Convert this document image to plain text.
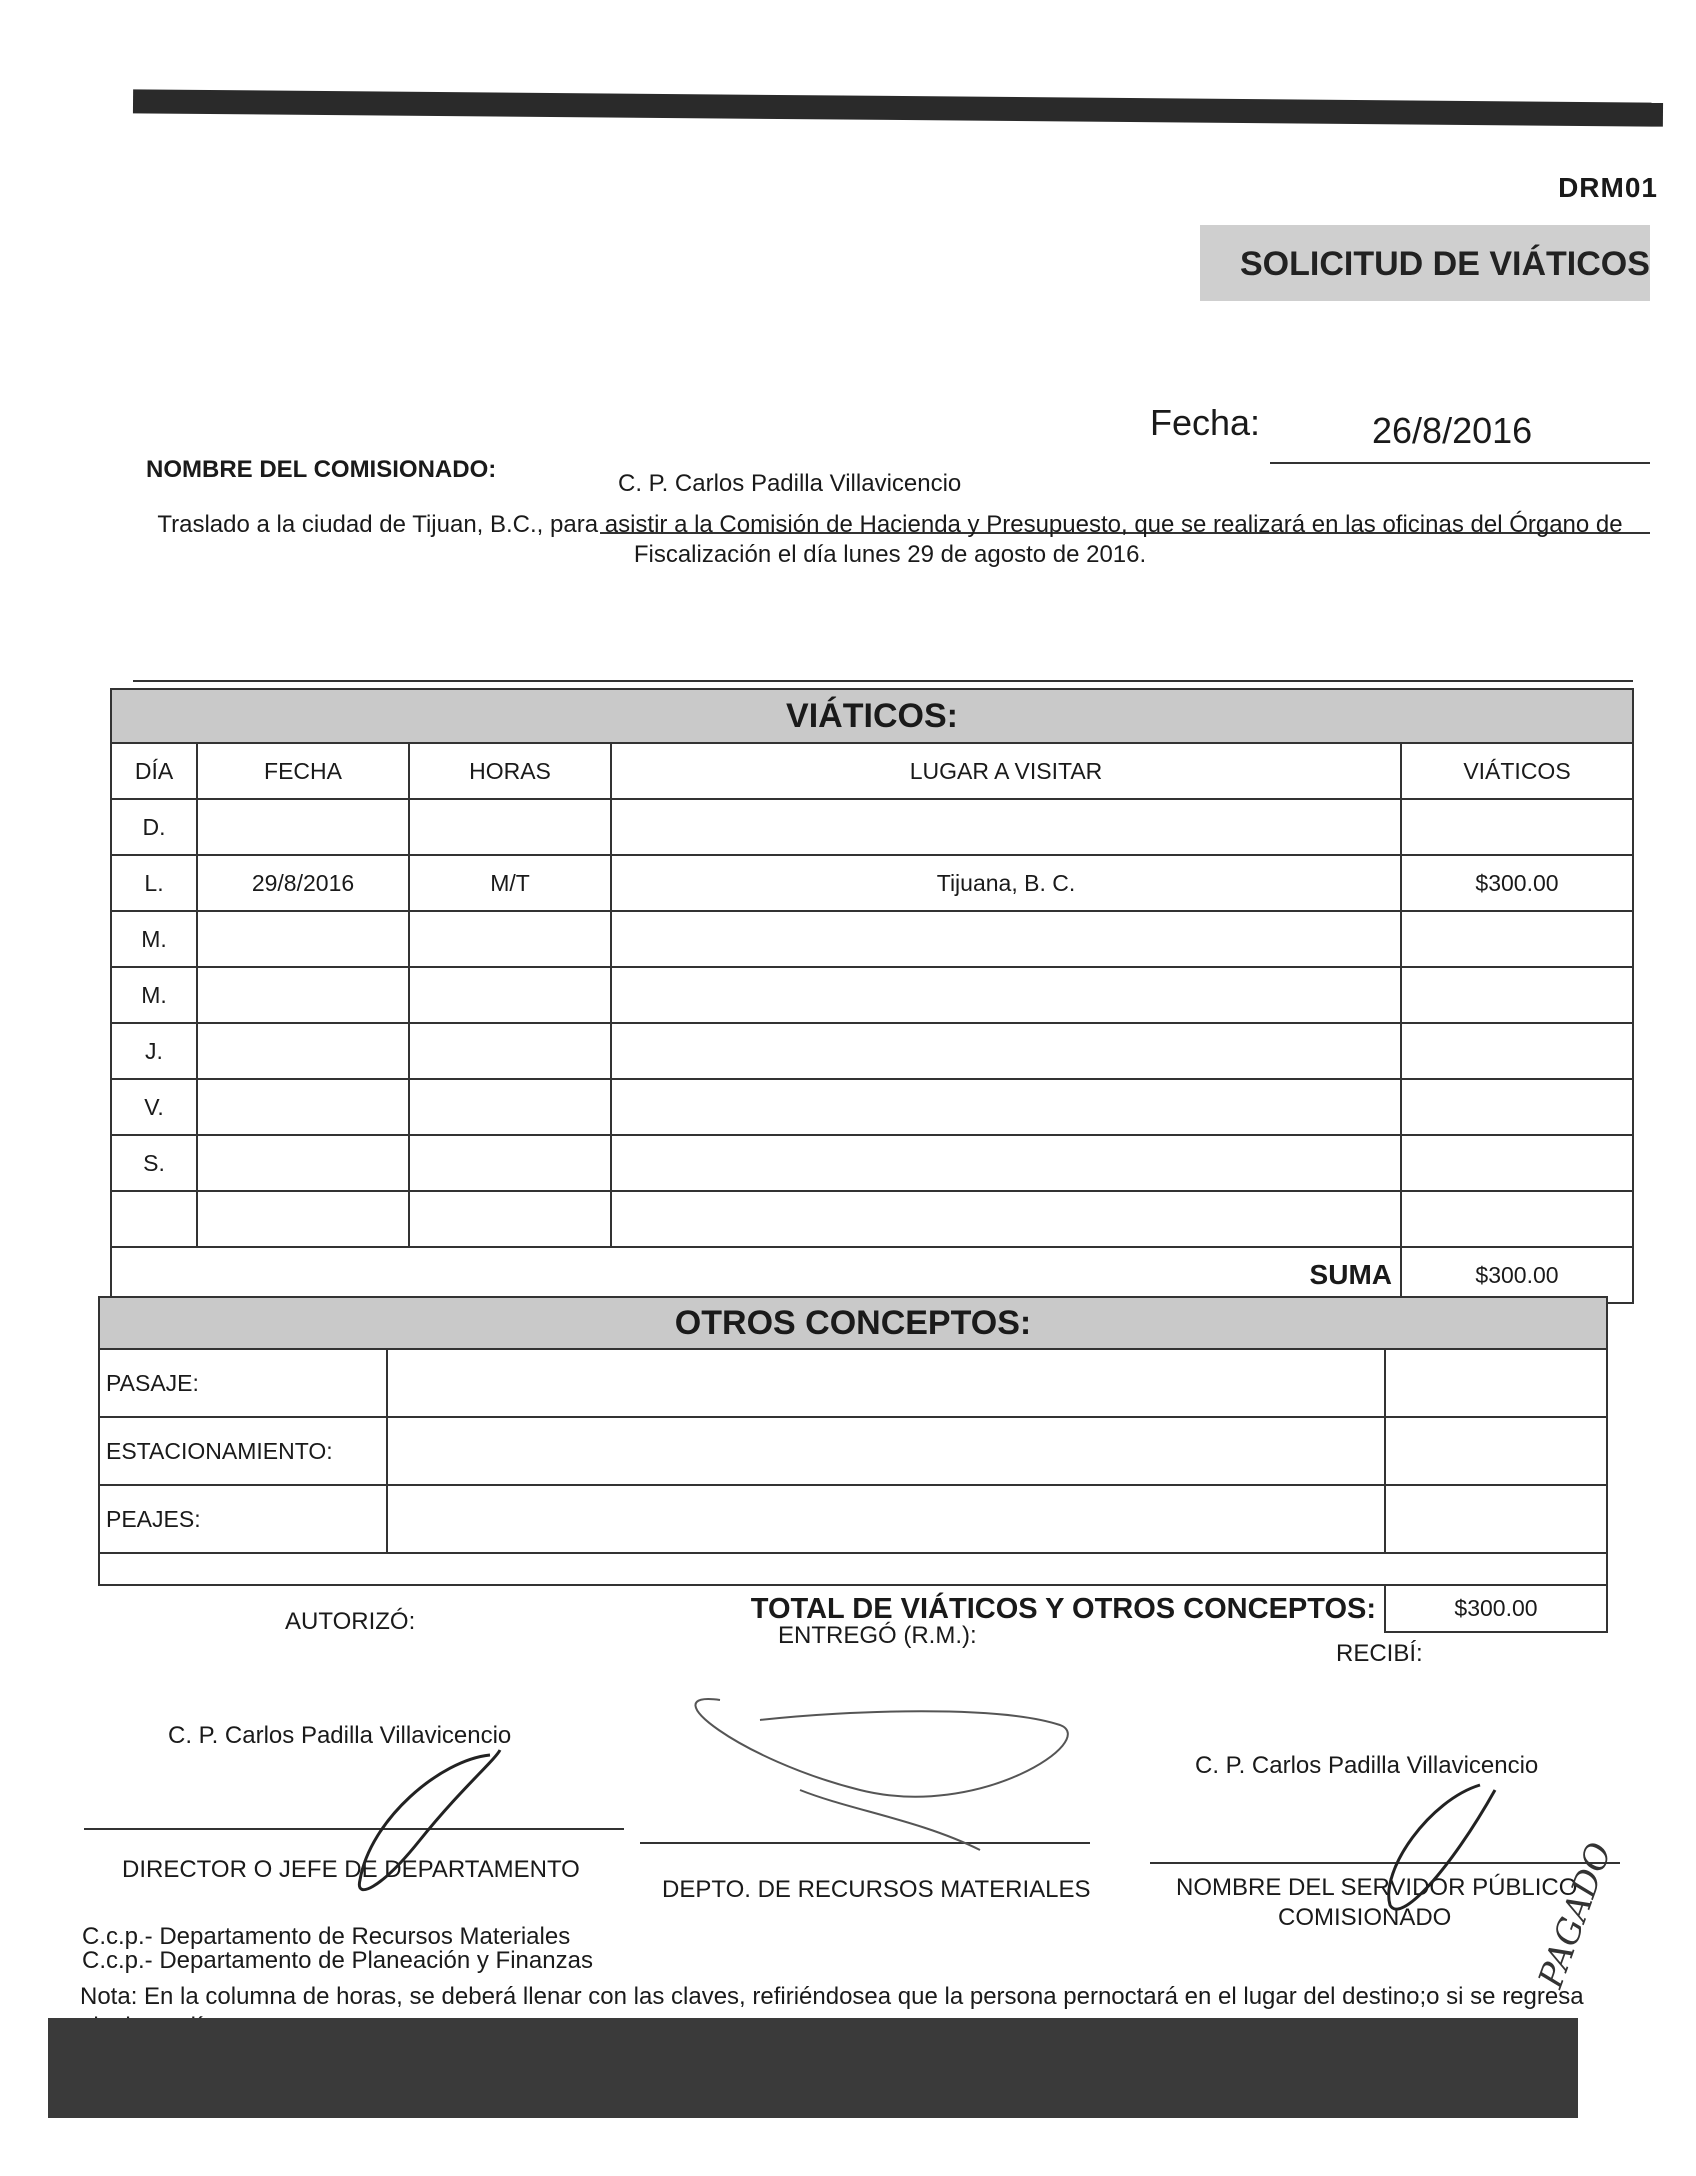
DRM01
SOLICITUD DE VIÁTICOS
Fecha:	26/8/2016
NOMBRE DEL COMISIONADO:
C. P. Carlos Padilla Villavicencio
Traslado a la ciudad de Tijuan, B.C., para asistir a la Comisión de Hacienda y Presupuesto, que se realizará en las oficinas del Órgano de Fiscalización el día lunes 29 de agosto de 2016.
VIÁTICOS:				
DÍA	FECHA	HORAS	LUGAR A VISITAR	VIÁTICOS
D.				
L.	29/8/2016	M/T	Tijuana, B. C.	$300.00
M.				
M.				
J.				
V.				
S.				

SUMA				$300.00
OTROS CONCEPTOS:		
PASAJE:		
ESTACIONAMIENTO:		
PEAJES:		

TOTAL DE VIÁTICOS Y OTROS CONCEPTOS:		$300.00
AUTORIZÓ:
ENTREGÓ (R.M.):
RECIBÍ:
C. P. Carlos Padilla Villavicencio
C. P. Carlos Padilla Villavicencio
DIRECTOR O JEFE DE DEPARTAMENTO
DEPTO. DE RECURSOS MATERIALES	NOMBRE DEL SERVIDOR PÚBLICO
COMISIONADO PAGADO
C.c.p.- Departamento de Recursos Materiales
C.c.p.- Departamento de Planeación y Finanzas
Nota: En la columna de horas, se deberá llenar con las claves, refiriéndosea que la persona pernoctará en el lugar del destino;o si se regresa
